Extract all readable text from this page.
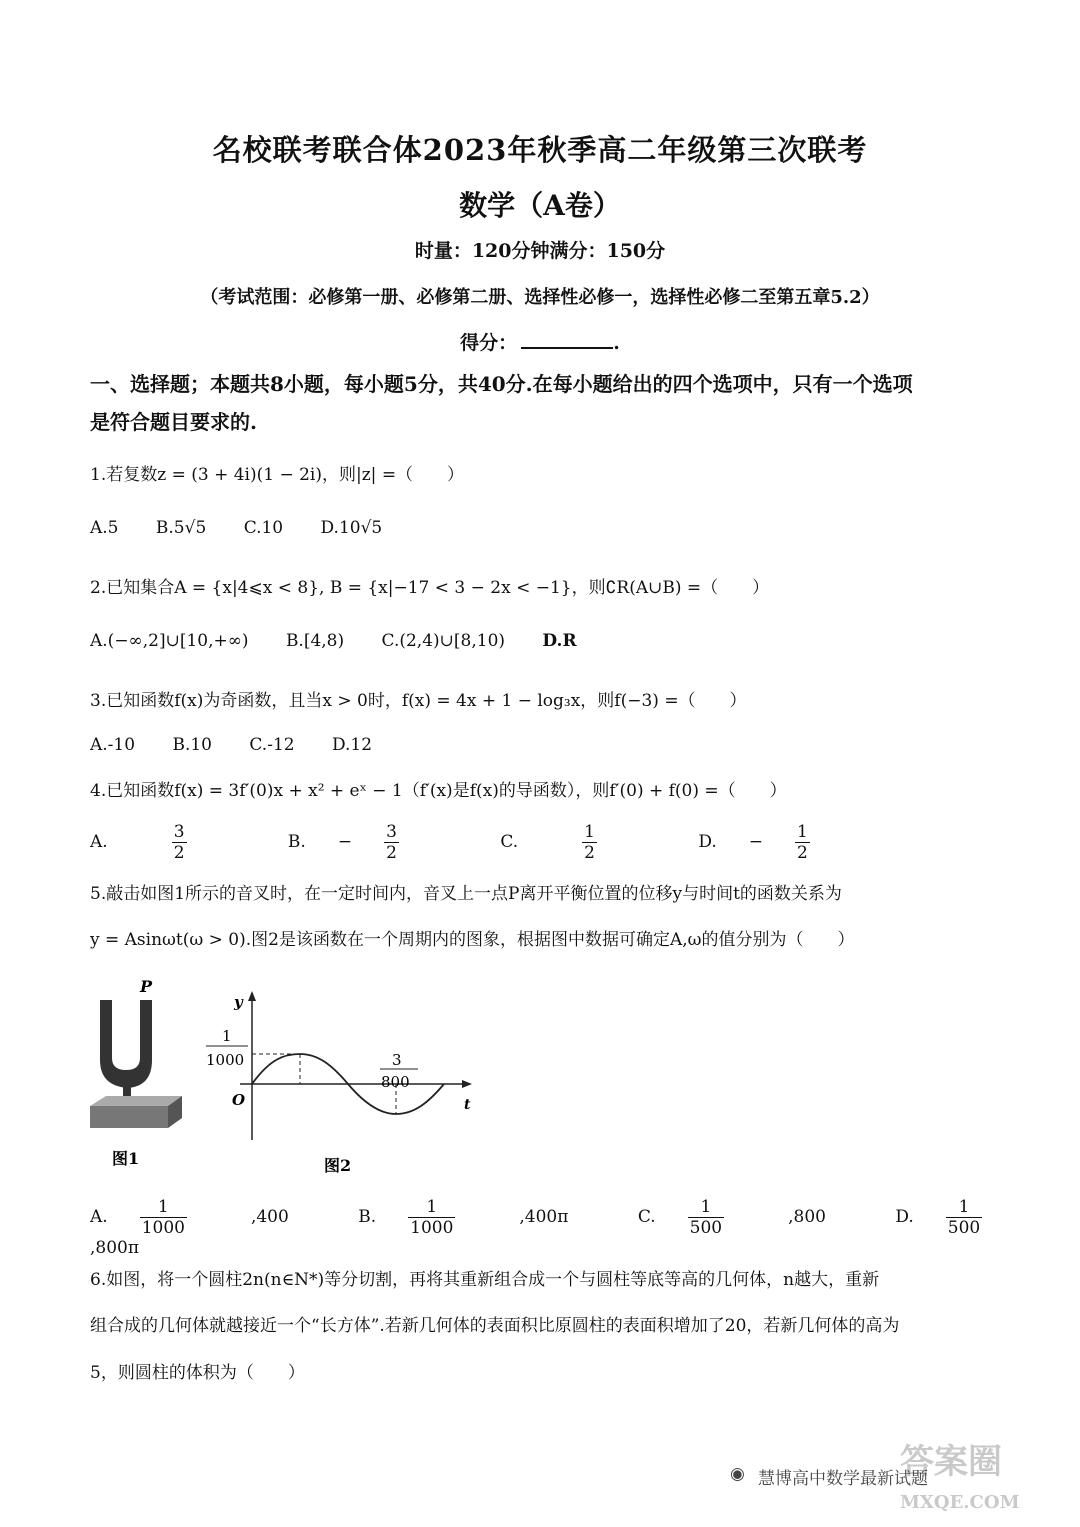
名校联考联合体2023年秋季高二年级第三次联考
数学（A卷）
时量：120分钟满分：150分
（考试范围：必修第一册、必修第二册、选择性必修一，选择性必修二至第五章5.2）
得分：	.
一、选择题；本题共8小题，每小题5分，共40分.在每小题给出的四个选项中，只有一个选项
是符合题目要求的.
1.若复数z = (3 + 4i)(1 − 2i)，则|z| =（　　）
A.5 B.5√5 C.10 D.10√5
2.已知集合A = {x|4⩽x < 8}, B = {x|−17 < 3 − 2x < −1}，则∁R(A∪B) =（　　）
A.(−∞,2]∪[10,+∞) B.[4,8) C.(2,4)∪[8,10) D.R
3.已知函数f(x)为奇函数，且当x > 0时，f(x) = 4x + 1 − log₃x，则f(−3) =（　　）
A.-10 B.10 C.-12 D.12
4.已知函数f(x) = 3f′(0)x + x² + eˣ − 1（f′(x)是f(x)的导函数），则f′(0) + f(0) =（　　）
A.	$\frac{3}{2}$	B. − $\frac{3}{2}$	C.	$\frac{1}{2}$	D. − $\frac{1}{2}$
5.敲击如图1所示的音叉时，在一定时间内，音叉上一点P离开平衡位置的位移y与时间t的函数关系为
y = Asinωt(ω > 0).图2是该函数在一个周期内的图象，根据图中数据可确定A,ω的值分别为（　　）
P
图1
y
t
O
1
1000	3
800
图2
A. $\frac{1}{1000} ,400$	B. $\frac{1}{1000} ,400\pi$	C. $\frac{1}{500} ,800$	D. $\frac{1}{500}$
,800π
6.如图，将一个圆柱2n(n∈N*)等分切割，再将其重新组合成一个与圆柱等底等高的几何体，n越大，重新
组合成的几何体就越接近一个“长方体”.若新几何体的表面积比原圆柱的表面积增加了20，若新几何体的高为
5，则圆柱的体积为（　　）
答案圈
◉ 慧博高中数学最新试题
MXQE.COM
